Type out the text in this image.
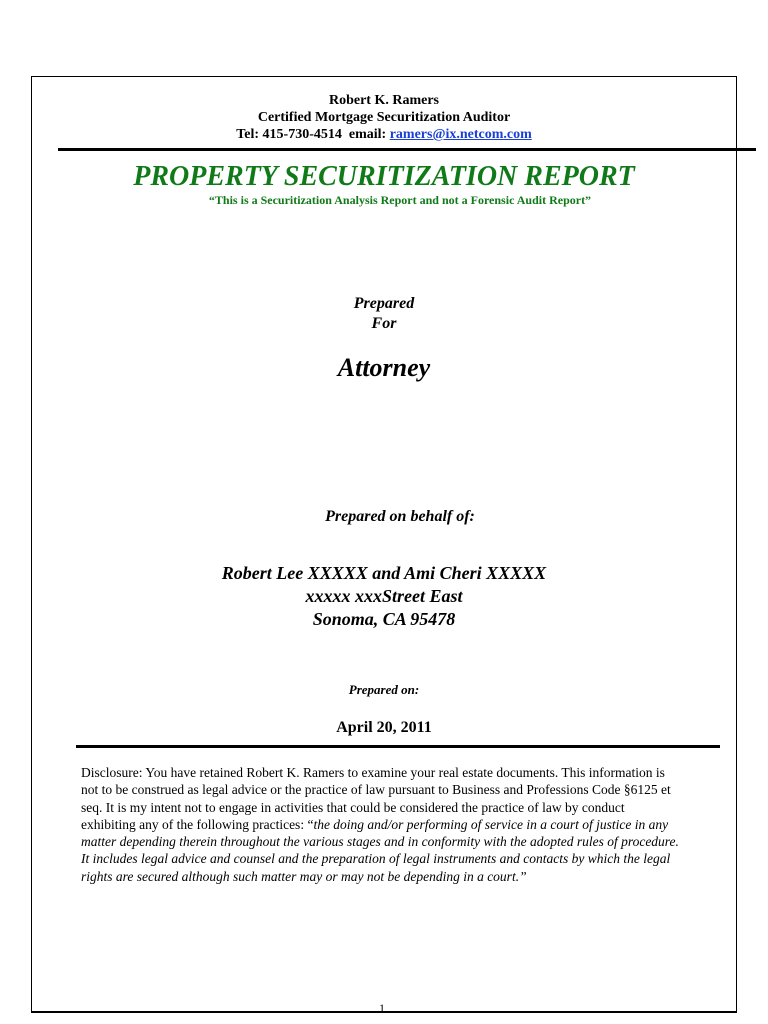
Robert K. Ramers
Certified Mortgage Securitization Auditor
Tel: 415-730-4514  email: ramers@ix.netcom.com
PROPERTY SECURITIZATION REPORT
“This is a Securitization Analysis Report and not a Forensic Audit Report”
Prepared
For
Attorney
Prepared on behalf of:
Robert Lee XXXXX and Ami Cheri XXXXX
xxxxx xxxStreet East
Sonoma, CA 95478
Prepared on:
April 20, 2011
Disclosure: You have retained Robert K. Ramers to examine your real estate documents. This information is not to be construed as legal advice or the practice of law pursuant to Business and Professions Code §6125 et seq. It is my intent not to engage in activities that could be considered the practice of law by conduct exhibiting any of the following practices: “the doing and/or performing of service in a court of justice in any matter depending therein throughout the various stages and in conformity with the adopted rules of procedure. It includes legal advice and counsel and the preparation of legal instruments and contacts by which the legal rights are secured although such matter may or may not be depending in a court.”
1
